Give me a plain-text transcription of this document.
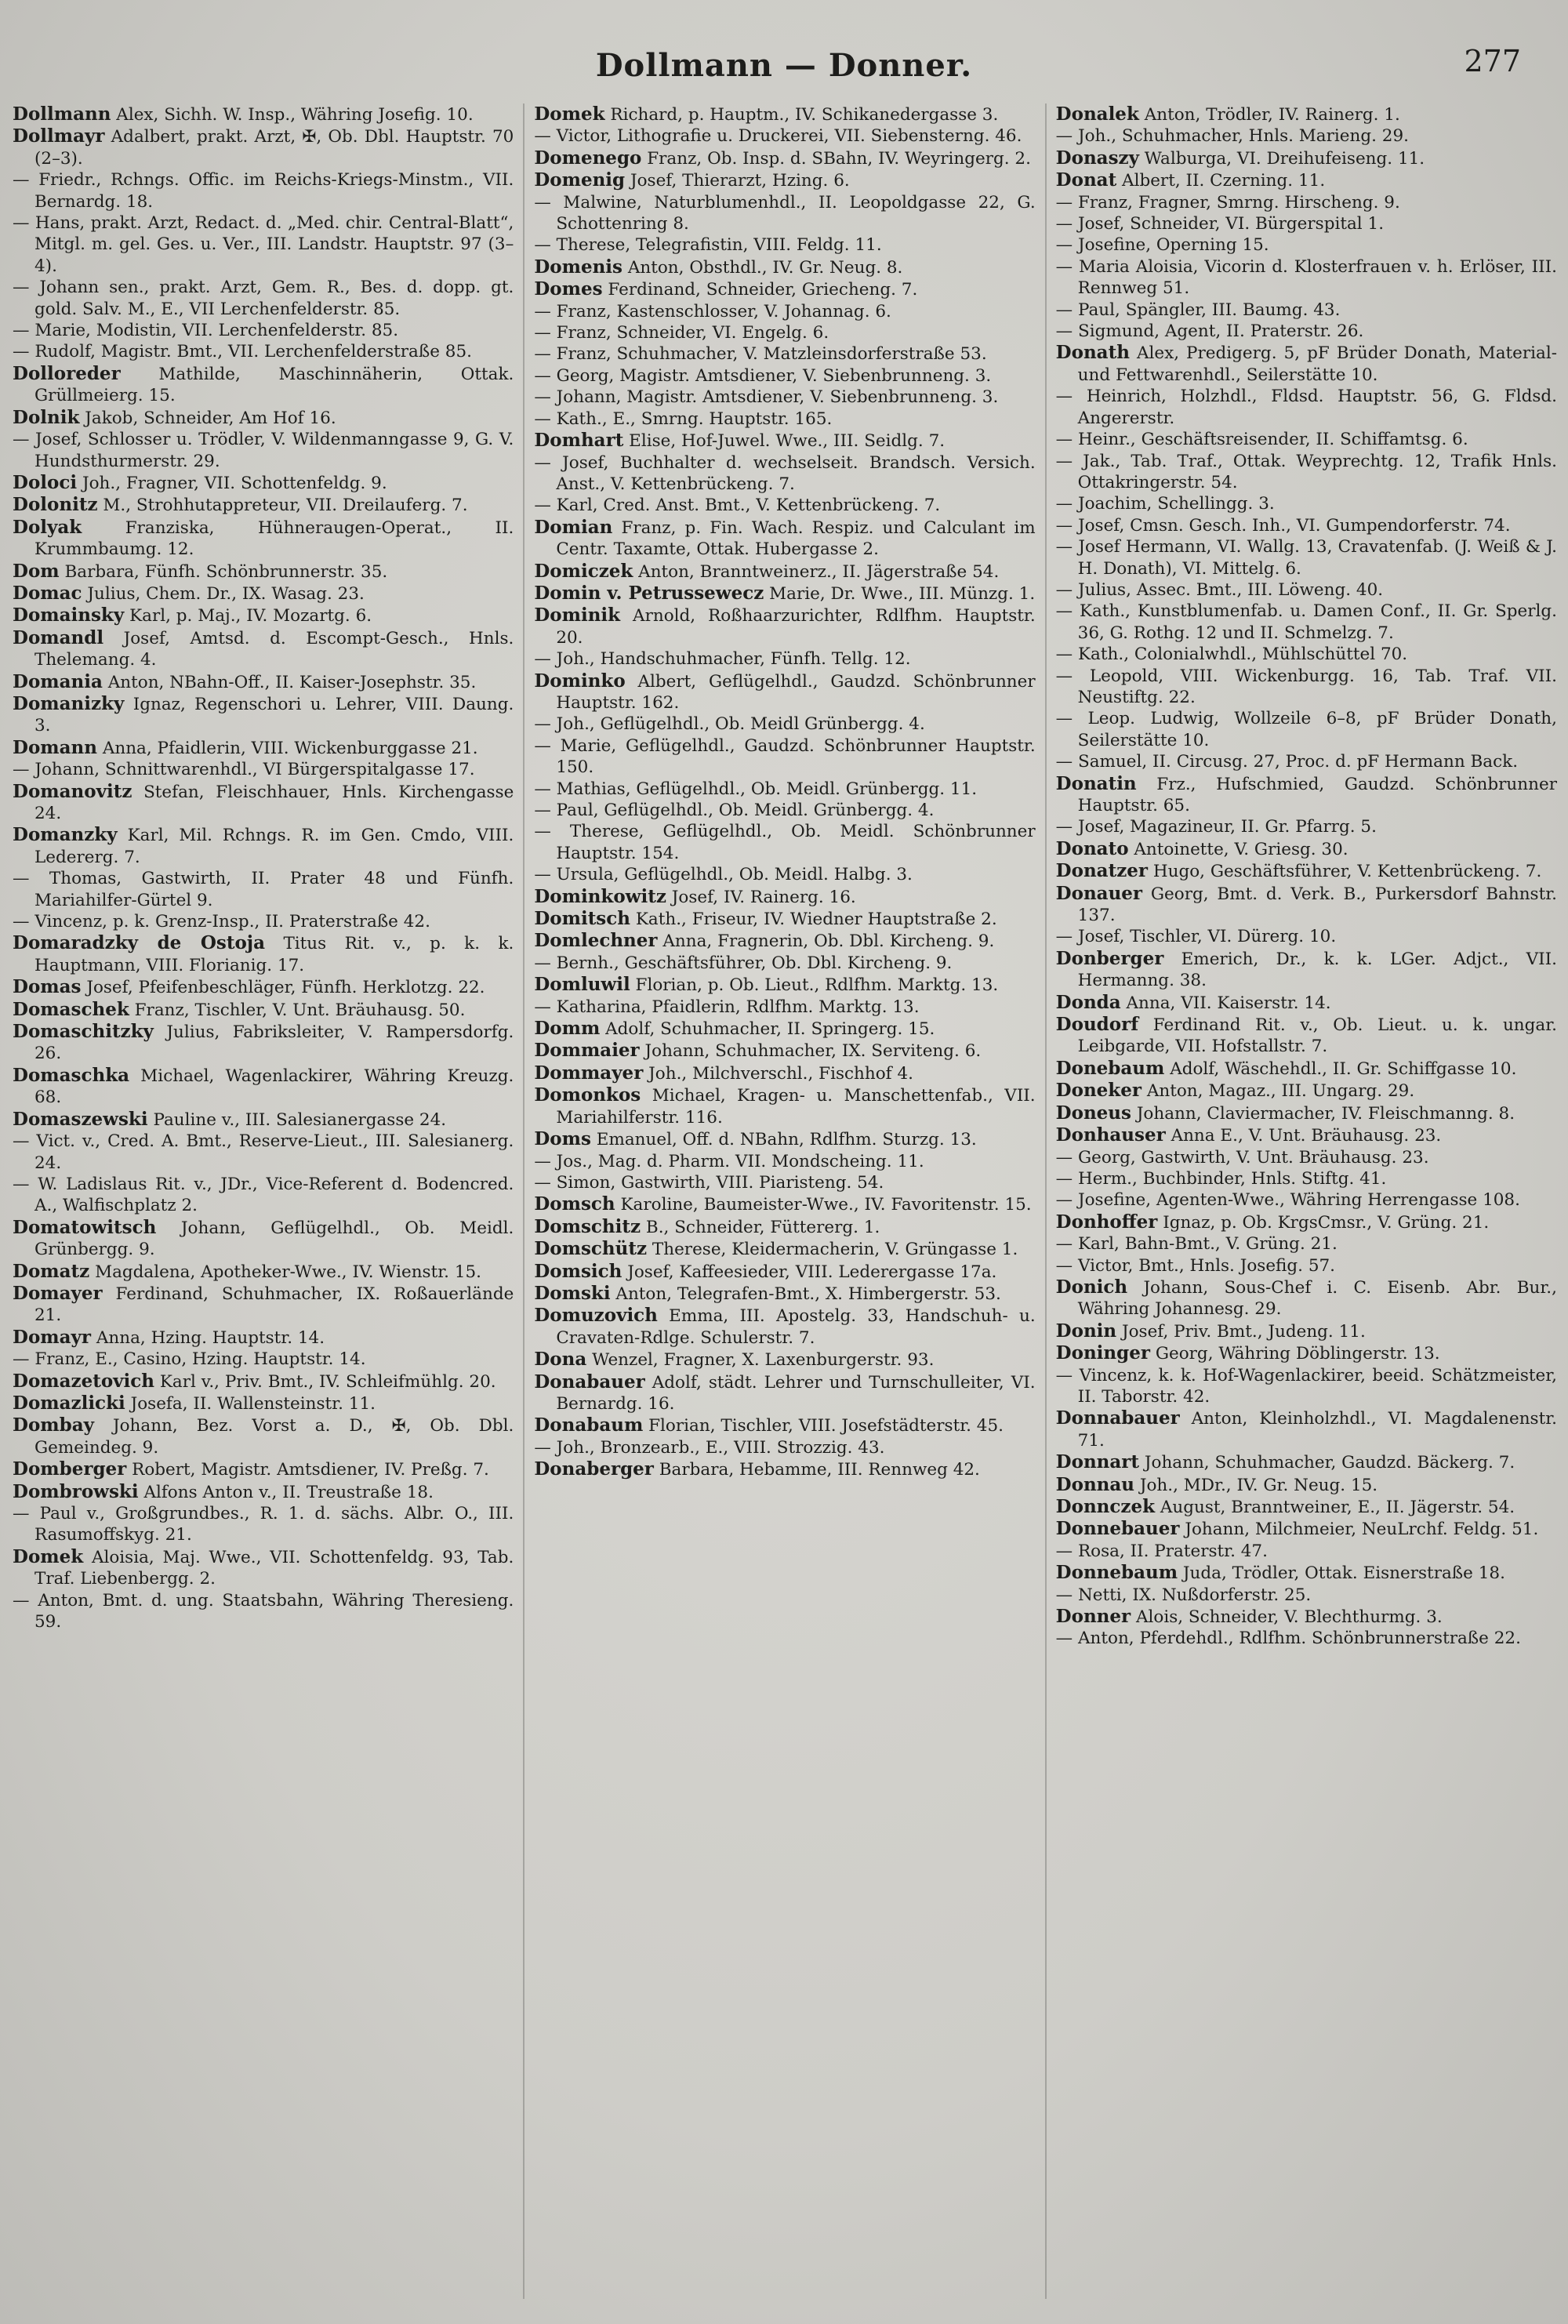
Dollmann — Donner.	277
Dollmann Alex, Sichh. W. Insp., Währing Josefig. 10.
Dollmayr Adalbert, prakt. Arzt, ✠, Ob. Dbl. Hauptstr. 70 (2–3).
— Friedr., Rchngs. Offic. im Reichs-Kriegs-Minstm., VII. Bernardg. 18.
— Hans, prakt. Arzt, Redact. d. „Med. chir. Central-Blatt“, Mitgl. m. gel. Ges. u. Ver., III. Landstr. Hauptstr. 97 (3–4).
— Johann sen., prakt. Arzt, Gem. R., Bes. d. dopp. gt. gold. Salv. M., E., VII Lerchenfelderstr. 85.
— Marie, Modistin, VII. Lerchenfelderstr. 85.
— Rudolf, Magistr. Bmt., VII. Lerchenfelderstraße 85.
Dolloreder Mathilde, Maschinnäherin, Ottak. Grüllmeierg. 15.
Dolnik Jakob, Schneider, Am Hof 16.
— Josef, Schlosser u. Trödler, V. Wildenmanngasse 9, G. V. Hundsthurmerstr. 29.
Doloci Joh., Fragner, VII. Schottenfeldg. 9.
Dolonitz M., Strohhutappreteur, VII. Dreilauferg. 7.
Dolyak	Franziska, Hühneraugen-Operat., II. Krummbaumg. 12.
Dom Barbara, Fünfh. Schönbrunnerstr. 35.
Domac Julius, Chem. Dr., IX. Wasag. 23.
Domainsky Karl, p. Maj., IV. Mozartg. 6.
Domandl Josef, Amtsd. d. Escompt-Gesch., Hnls. Thelemang. 4.
Domania Anton, NBahn-Off., II. Kaiser-Josephstr. 35.
Domanizky Ignaz, Regenschori u. Lehrer, VIII. Daung. 3.
Domann Anna, Pfaidlerin, VIII. Wickenburggasse 21.
— Johann, Schnittwarenhdl., VI Bürgerspitalgasse 17.
Domanovitz Stefan, Fleischhauer, Hnls. Kirchengasse 24.
Domanzky Karl, Mil. Rchngs. R. im Gen. Cmdo, VIII. Ledererg. 7.
— Thomas, Gastwirth, II. Prater 48 und Fünfh. Mariahilfer-Gürtel 9.
— Vincenz, p. k. Grenz-Insp., II. Praterstraße 42.
Domaradzky de Ostoja Titus Rit. v., p. k. k. Hauptmann, VIII. Florianig. 17.
Domas Josef, Pfeifenbeschläger, Fünfh. Herklotzg. 22.
Domaschek Franz, Tischler, V. Unt. Bräuhausg. 50.
Domaschitzky Julius, Fabriksleiter, V. Rampersdorfg. 26.
Domaschka Michael, Wagenlackirer, Währing Kreuzg. 68.
Domaszewski Pauline v., III. Salesianergasse 24.
— Vict. v., Cred. A. Bmt., Reserve-Lieut., III. Salesianerg. 24.
— W. Ladislaus Rit. v., JDr., Vice-Referent d. Bodencred. A., Walfischplatz 2.
Domatowitsch Johann, Geflügelhdl., Ob. Meidl. Grünbergg. 9.
Domatz Magdalena, Apotheker-Wwe., IV. Wienstr. 15.
Domayer Ferdinand, Schuhmacher, IX. Roßauerlände 21.
Domayr Anna, Hzing. Hauptstr. 14.
— Franz, E., Casino, Hzing. Hauptstr. 14.
Domazetovich Karl v., Priv. Bmt., IV. Schleifmühlg. 20.
Domazlicki Josefa, II. Wallensteinstr. 11.
Dombay Johann, Bez. Vorst a. D., ✠, Ob. Dbl. Gemeindeg. 9.
Domberger Robert, Magistr. Amtsdiener, IV. Preßg. 7.
Dombrowski Alfons Anton v., II. Treustraße 18.
— Paul v., Großgrundbes., R. 1. d. sächs. Albr. O., III. Rasumoffskyg. 21.
Domek Aloisia, Maj. Wwe., VII. Schottenfeldg. 93, Tab. Traf. Liebenbergg. 2.
— Anton, Bmt. d. ung. Staatsbahn, Währing Theresieng. 59.
Domek Richard, p. Hauptm., IV. Schikanedergasse 3.
— Victor, Lithografie u. Druckerei, VII. Siebensterng. 46.
Domenego Franz, Ob. Insp. d. SBahn, IV. Weyringerg. 2.
Domenig Josef, Thierarzt, Hzing. 6.
— Malwine, Naturblumenhdl., II. Leopoldgasse 22, G. Schottenring 8.
— Therese, Telegrafistin, VIII. Feldg. 11.
Domenis Anton, Obsthdl., IV. Gr. Neug. 8.
Domes Ferdinand, Schneider, Griecheng. 7.
— Franz, Kastenschlosser, V. Johannag. 6.
— Franz, Schneider, VI. Engelg. 6.
— Franz, Schuhmacher, V. Matzleinsdorferstraße 53.
— Georg, Magistr. Amtsdiener, V. Siebenbrunneng. 3.
— Johann, Magistr. Amtsdiener, V. Siebenbrunneng. 3.
— Kath., E., Smrng. Hauptstr. 165.
Domhart Elise, Hof-Juwel. Wwe., III. Seidlg. 7.
— Josef, Buchhalter d. wechselseit. Brandsch. Versich. Anst., V. Kettenbrückeng. 7.
— Karl, Cred. Anst. Bmt., V. Kettenbrückeng. 7.
Domian Franz, p. Fin. Wach. Respiz. und Calculant im Centr. Taxamte, Ottak. Hubergasse 2.
Domiczek Anton, Branntweinerz., II. Jägerstraße 54.
Domin v. Petrussewecz Marie, Dr. Wwe., III. Münzg. 1.
Dominik Arnold, Roßhaarzurichter, Rdlfhm. Hauptstr. 20.
— Joh., Handschuhmacher, Fünfh. Tellg. 12.
Dominko Albert, Geflügelhdl., Gaudzd. Schönbrunner Hauptstr. 162.
— Joh., Geflügelhdl., Ob. Meidl Grünbergg. 4.
— Marie, Geflügelhdl., Gaudzd. Schönbrunner Hauptstr. 150.
— Mathias, Geflügelhdl., Ob. Meidl. Grünbergg. 11.
— Paul, Geflügelhdl., Ob. Meidl. Grünbergg. 4.
— Therese, Geflügelhdl., Ob. Meidl. Schönbrunner Hauptstr. 154.
— Ursula, Geflügelhdl., Ob. Meidl. Halbg. 3.
Dominkowitz Josef, IV. Rainerg. 16.
Domitsch Kath., Friseur, IV. Wiedner Hauptstraße 2.
Domlechner Anna, Fragnerin, Ob. Dbl. Kircheng. 9.
— Bernh., Geschäftsführer, Ob. Dbl. Kircheng. 9.
Domluwil Florian, p. Ob. Lieut., Rdlfhm. Marktg. 13.
— Katharina, Pfaidlerin, Rdlfhm. Marktg. 13.
Domm Adolf, Schuhmacher, II. Springerg. 15.
Dommaier Johann, Schuhmacher, IX. Serviteng. 6.
Dommayer Joh., Milchverschl., Fischhof 4.
Domonkos Michael, Kragen- u. Manschettenfab., VII. Mariahilferstr. 116.
Doms Emanuel, Off. d. NBahn, Rdlfhm. Sturzg. 13.
— Jos., Mag. d. Pharm. VII. Mondscheing. 11.
— Simon, Gastwirth, VIII. Piaristeng. 54.
Domsch Karoline, Baumeister-Wwe., IV. Favoritenstr. 15.
Domschitz B., Schneider, Füttererg. 1.
Domschütz Therese, Kleidermacherin, V. Grüngasse 1.
Domsich Josef, Kaffeesieder, VIII. Lederergasse 17a.
Domski Anton, Telegrafen-Bmt., X. Himbergerstr. 53.
Domuzovich Emma, III. Apostelg. 33, Handschuh- u. Cravaten-Rdlge. Schulerstr. 7.
Dona Wenzel, Fragner, X. Laxenburgerstr. 93.
Donabauer Adolf, städt. Lehrer und Turnschulleiter, VI. Bernardg. 16.
Donabaum Florian, Tischler, VIII. Josefstädterstr. 45.
— Joh., Bronzearb., E., VIII. Strozzig. 43.
Donaberger Barbara, Hebamme, III. Rennweg 42.
Donalek Anton, Trödler, IV. Rainerg. 1.
— Joh., Schuhmacher, Hnls. Marieng. 29.
Donaszy Walburga, VI. Dreihufeiseng. 11.
Donat Albert, II. Czerning. 11.
— Franz, Fragner, Smrng. Hirscheng. 9.
— Josef, Schneider, VI. Bürgerspital 1.
— Josefine, Operning 15.
— Maria Aloisia, Vicorin d. Klosterfrauen v. h. Erlöser, III. Rennweg 51.
— Paul, Spängler, III. Baumg. 43.
— Sigmund, Agent, II. Praterstr. 26.
Donath Alex, Predigerg. 5, pF Brüder Donath, Material- und Fettwarenhdl., Seilerstätte 10.
— Heinrich, Holzhdl., Fldsd. Hauptstr. 56, G. Fldsd. Angererstr.
— Heinr., Geschäftsreisender, II. Schiffamtsg. 6.
— Jak., Tab. Traf., Ottak. Weyprechtg. 12, Trafik Hnls. Ottakringerstr. 54.
— Joachim, Schellingg. 3.
— Josef, Cmsn. Gesch. Inh., VI. Gumpendorferstr. 74.
— Josef Hermann, VI. Wallg. 13, Cravatenfab. (J. Weiß & J. H. Donath), VI. Mittelg. 6.
— Julius, Assec. Bmt., III. Löweng. 40.
— Kath., Kunstblumenfab. u. Damen Conf., II. Gr. Sperlg. 36, G. Rothg. 12 und II. Schmelzg. 7.
— Kath., Colonialwhdl., Mühlschüttel 70.
— Leopold, VIII. Wickenburgg. 16, Tab. Traf. VII. Neustiftg. 22.
— Leop. Ludwig, Wollzeile 6–8, pF Brüder Donath, Seilerstätte 10.
— Samuel, II. Circusg. 27, Proc. d. pF Hermann Back.
Donatin Frz., Hufschmied, Gaudzd. Schönbrunner Hauptstr. 65.
— Josef, Magazineur, II. Gr. Pfarrg. 5.
Donato Antoinette, V. Griesg. 30.
Donatzer Hugo, Geschäftsführer, V. Kettenbrückeng. 7.
Donauer Georg, Bmt. d. Verk. B., Purkersdorf Bahnstr. 137.
— Josef, Tischler, VI. Dürerg. 10.
Donberger Emerich, Dr., k. k. LGer. Adjct., VII. Hermanng. 38.
Donda Anna, VII. Kaiserstr. 14.
Doudorf Ferdinand Rit. v., Ob. Lieut. u. k. ungar. Leibgarde, VII. Hofstallstr. 7.
Donebaum Adolf, Wäschehdl., II. Gr. Schiffgasse 10.
Doneker Anton, Magaz., III. Ungarg. 29.
Doneus Johann, Claviermacher, IV. Fleischmanng. 8.
Donhauser Anna E., V. Unt. Bräuhausg. 23.
— Georg, Gastwirth, V. Unt. Bräuhausg. 23.
— Herm., Buchbinder, Hnls. Stiftg. 41.
— Josefine, Agenten-Wwe., Währing Herrengasse 108.
Donhoffer Ignaz, p. Ob. KrgsCmsr., V. Grüng. 21.
— Karl, Bahn-Bmt., V. Grüng. 21.
— Victor, Bmt., Hnls. Josefig. 57.
Donich Johann, Sous-Chef i. C. Eisenb. Abr. Bur., Währing Johannesg. 29.
Donin Josef, Priv. Bmt., Judeng. 11.
Doninger Georg, Währing Döblingerstr. 13.
— Vincenz, k. k. Hof-Wagenlackirer, beeid. Schätzmeister, II. Taborstr. 42.
Donnabauer Anton, Kleinholzhdl., VI. Magdalenenstr. 71.
Donnart Johann, Schuhmacher, Gaudzd. Bäckerg. 7.
Donnau Joh., MDr., IV. Gr. Neug. 15.
Donnczek August, Branntweiner, E., II. Jägerstr. 54.
Donnebauer Johann, Milchmeier, NeuLrchf. Feldg. 51.
— Rosa, II. Praterstr. 47.
Donnebaum Juda, Trödler, Ottak. Eisnerstraße 18.
— Netti, IX. Nußdorferstr. 25.
Donner Alois, Schneider, V. Blechthurmg. 3.
— Anton, Pferdehdl., Rdlfhm. Schönbrunnerstraße 22.
